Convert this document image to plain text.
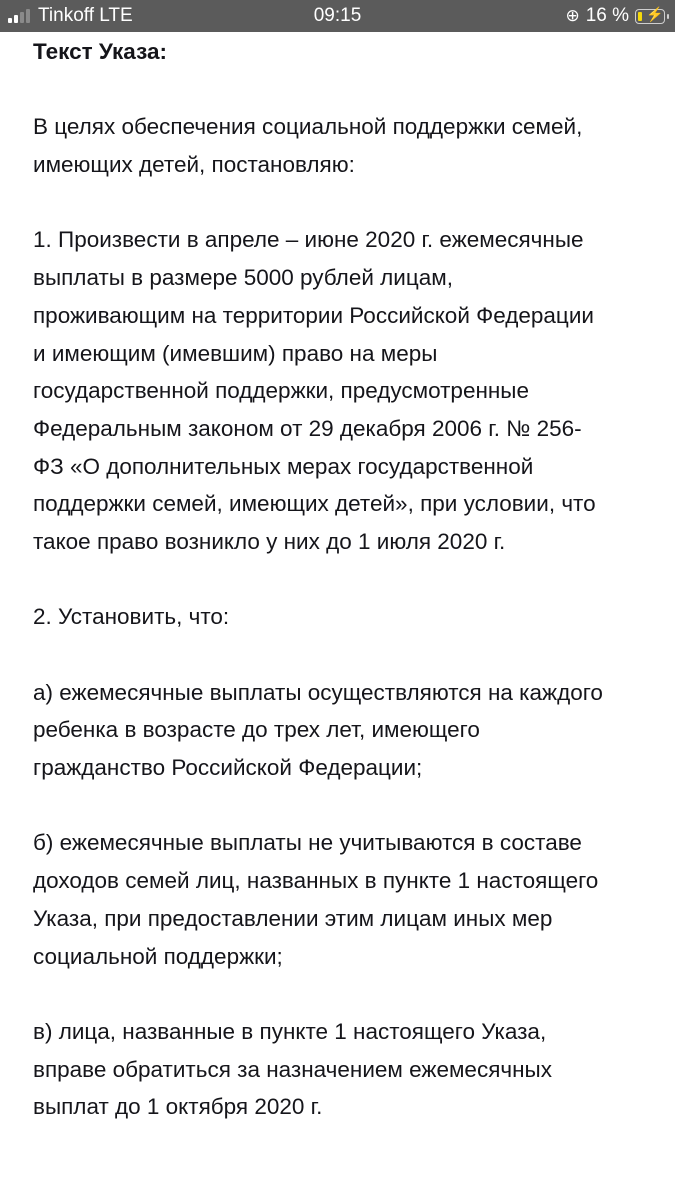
Tinkoff LTE	09:15	⊕ 16 % ⚡
Текст Указа:
В целях обеспечения социальной поддержки семей,
имеющих детей, постановляю:
1. Произвести в апреле – июне 2020 г. ежемесячные
выплаты в размере 5000 рублей лицам,
проживающим на территории Российской Федерации
и имеющим (имевшим) право на меры
государственной поддержки, предусмотренные
Федеральным законом от 29 декабря 2006 г. № 256-
ФЗ «О дополнительных мерах государственной
поддержки семей, имеющих детей», при условии, что
такое право возникло у них до 1 июля 2020 г.
2. Установить, что:
а) ежемесячные выплаты осуществляются на каждого
ребенка в возрасте до трех лет, имеющего
гражданство Российской Федерации;
б) ежемесячные выплаты не учитываются в составе
доходов семей лиц, названных в пункте 1 настоящего
Указа, при предоставлении этим лицам иных мер
социальной поддержки;
в) лица, названные в пункте 1 настоящего Указа,
вправе обратиться за назначением ежемесячных
выплат до 1 октября 2020 г.
